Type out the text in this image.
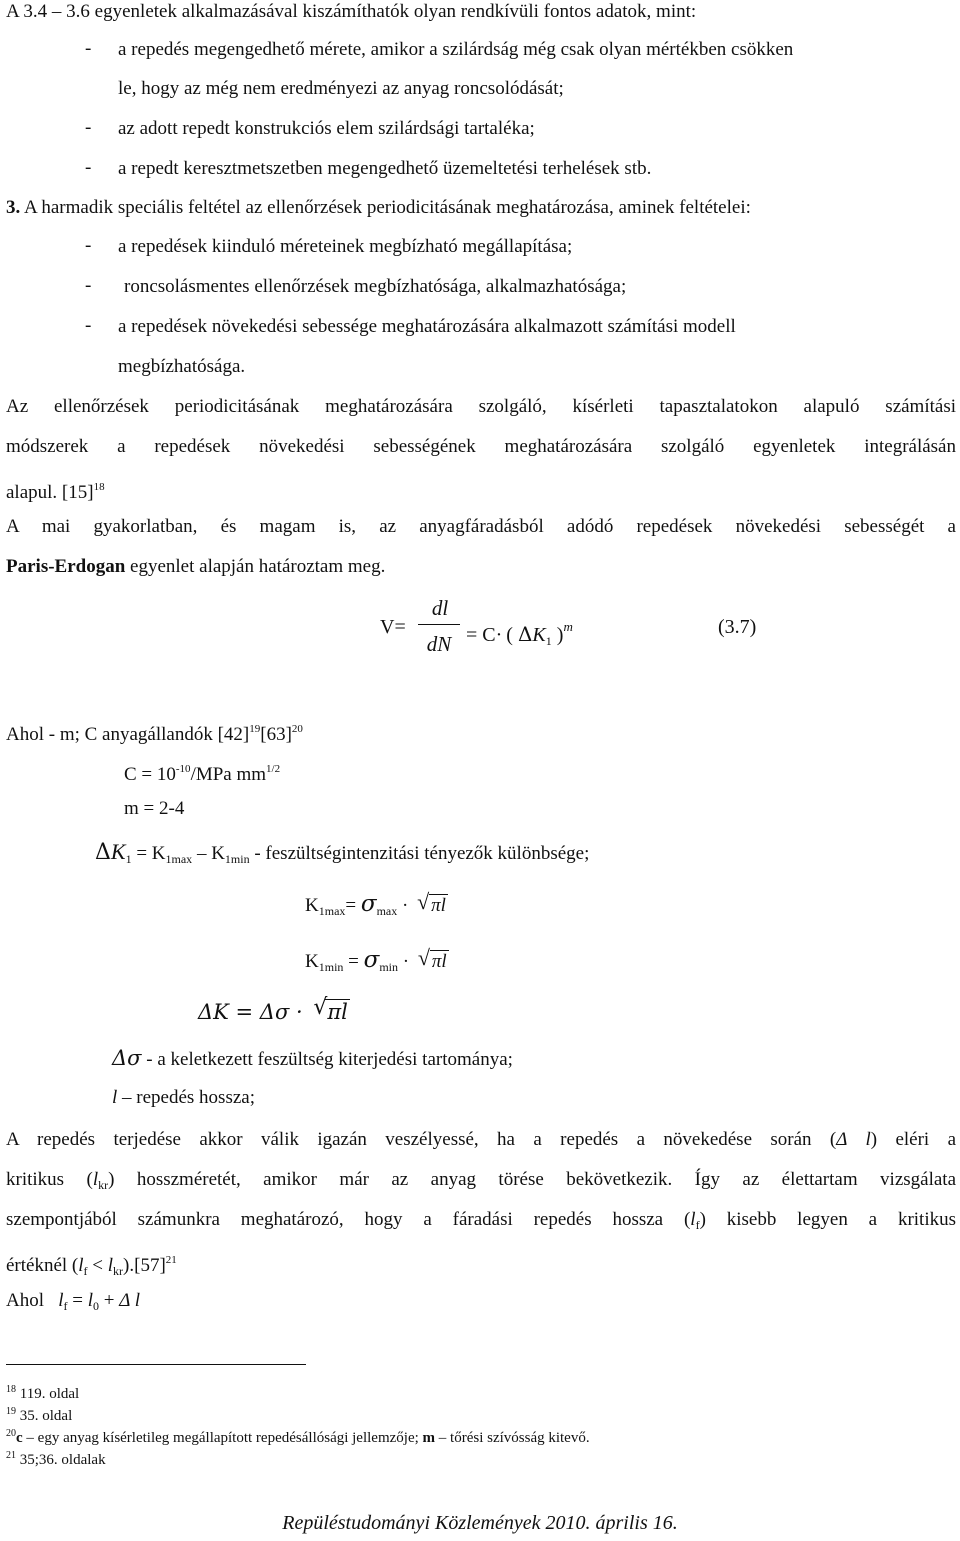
A 3.4 – 3.6 egyenletek alkalmazásával kiszámíthatók olyan rendkívüli fontos adatok, mint:
- a repedés megengedhető mérete, amikor a szilárdság még csak olyan mértékben csökken
le, hogy az még nem eredményezi az anyag roncsolódását;
- az adott repedt konstrukciós elem szilárdsági tartaléka;
- a repedt keresztmetszetben megengedhető üzemeltetési terhelések stb.
3. A harmadik speciális feltétel az ellenőrzések periodicitásának meghatározása, aminek feltételei:
- a repedések kiinduló méreteinek megbízható megállapítása;
- roncsolásmentes ellenőrzések megbízhatósága, alkalmazhatósága;
- a repedések növekedési sebessége meghatározására alkalmazott számítási modell
megbízhatósága.
Az ellenőrzések periodicitásának meghatározására szolgáló, kísérleti tapasztalatokon alapuló számítási
módszerek a repedések növekedési sebességének meghatározására szolgáló egyenletek integrálásán
alapul. $[15]^{18}$
A mai gyakorlatban, és magam is, az anyagfáradásból adódó repedések növekedési sebességét a
Paris-Erdogan egyenlet alapján határoztam meg.
V=
dl
dN = C· ( $\Delta K_1$ )$^m$	(3.7)
Ahol - m; C anyagállandók $[42]^{19}[63]^{20}$
$C = 10^{-10}$/MPa $mm^{1/2}$
m = 2-4
$\Delta K_1 = K_{1max} - K_{1min}$ - feszültségintenzitási tényezők különbsége;
$K_{1max}= \sigma_{max}$ · √ πl
$K_{1min} = \sigma_{min}$ · √ πl
ΔK = Δσ · √ πl
Δσ - a keletkezett feszültség kiterjedési tartománya;
l – repedés hossza;
A repedés terjedése akkor válik igazán veszélyessé, ha a repedés a növekedése során (Δ l) eléri a
kritikus $(l_{kr})$ hosszméretét, amikor már az anyag törése bekövetkezik. Így az élettartam vizsgálata
szempontjából számunkra meghatározó, hogy a fáradási repedés hossza $(l_f)$ kisebb legyen a kritikus
értéknél $(l_f < l_{kr}).[57]^{21}$
Ahol $l_f = l_0 + \Delta$ l
$^{18}$ 119. oldal
$^{19}$ 35. oldal
$^{20}$c – egy anyag kísérletileg megállapított repedésállósági jellemzője; m – tőrési szívósság kitevő.
$^{21}$ 35;36. oldalak
Repüléstudományi Közlemények 2010. április 16.
